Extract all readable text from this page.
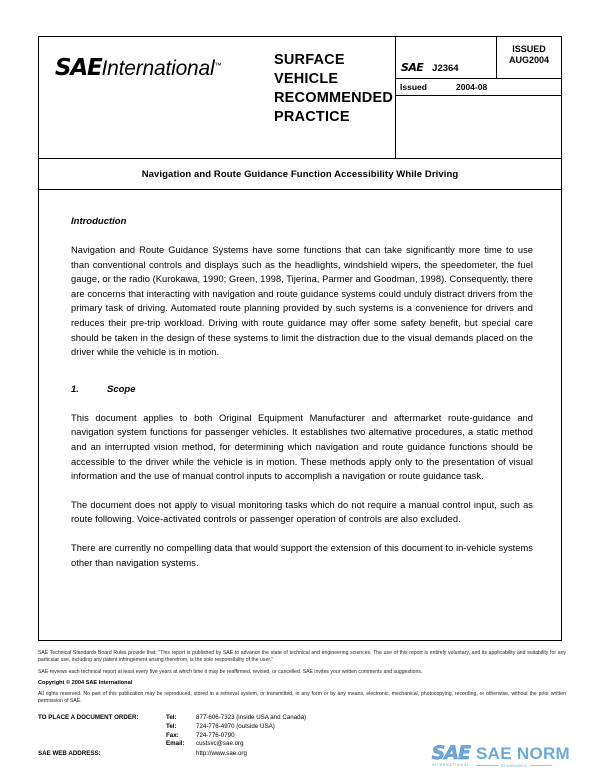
SAEInternational™	SURFACE
VEHICLE
RECOMMENDED
PRACTICE
SAE J2364
ISSUED
AUG2004
Issued	2004-08
Navigation and Route Guidance Function Accessibility While Driving
Introduction

Navigation and Route Guidance Systems have some functions that can take significantly more time to use than conventional controls and displays such as the headlights, windshield wipers, the speedometer, the fuel gauge, or the radio (Kurokawa, 1990; Green, 1998, Tijerina, Parmer and Goodman, 1998). Consequently, there are concerns that interacting with navigation and route guidance systems could unduly distract drivers from the primary task of driving. Automated route planning provided by such systems is a convenience for drivers and reduces their pre-trip workload. Driving with route guidance may offer some safety benefit, but special care should be taken in the design of these systems to limit the distraction due to the visual demands placed on the driver while the vehicle is in motion.

1.	Scope

This document applies to both Original Equipment Manufacturer and aftermarket route-guidance and navigation system functions for passenger vehicles. It establishes two alternative procedures, a static method and an interrupted vision method, for determining which navigation and route guidance functions should be accessible to the driver while the vehicle is in motion. These methods apply only to the presentation of visual information and the use of manual control inputs to accomplish a navigation or route guidance task.

The document does not apply to visual monitoring tasks which do not require a manual control input, such as route following. Voice-activated controls or passenger operation of controls are also excluded.

There are currently no compelling data that would support the extension of this document to in-vehicle systems other than navigation systems.

SAE Technical Standards Board Rules provide that: "This report is published by SAE to advance the state of technical and engineering sciences. The use of this report is entirely voluntary, and its applicability and suitability for any particular use, including any patent infringement arising therefrom, is the sole responsibility of the user."
SAE reviews each technical report at least every five years at which time it may be reaffirmed, revised, or cancelled. SAE invites your written comments and suggestions.
Copyright © 2004 SAE International
All rights reserved. No part of this publication may be reproduced, stored in a retrieval system, or transmitted, in any form or by any means, electronic, mechanical, photocopying, recording, or otherwise, without the prior written permission of SAE.
TO PLACE A DOCUMENT ORDER:	Tel:	877-606-7323 (inside USA and Canada)
Tel:	724-776-4970 (outside USA)
Fax:	724-776-0790
Email:	custsvc@sae.org
SAE WEB ADDRESS:	http://www.sae.org	SAE
INTERNATIONAL
SAE NORM
STANDARDS
